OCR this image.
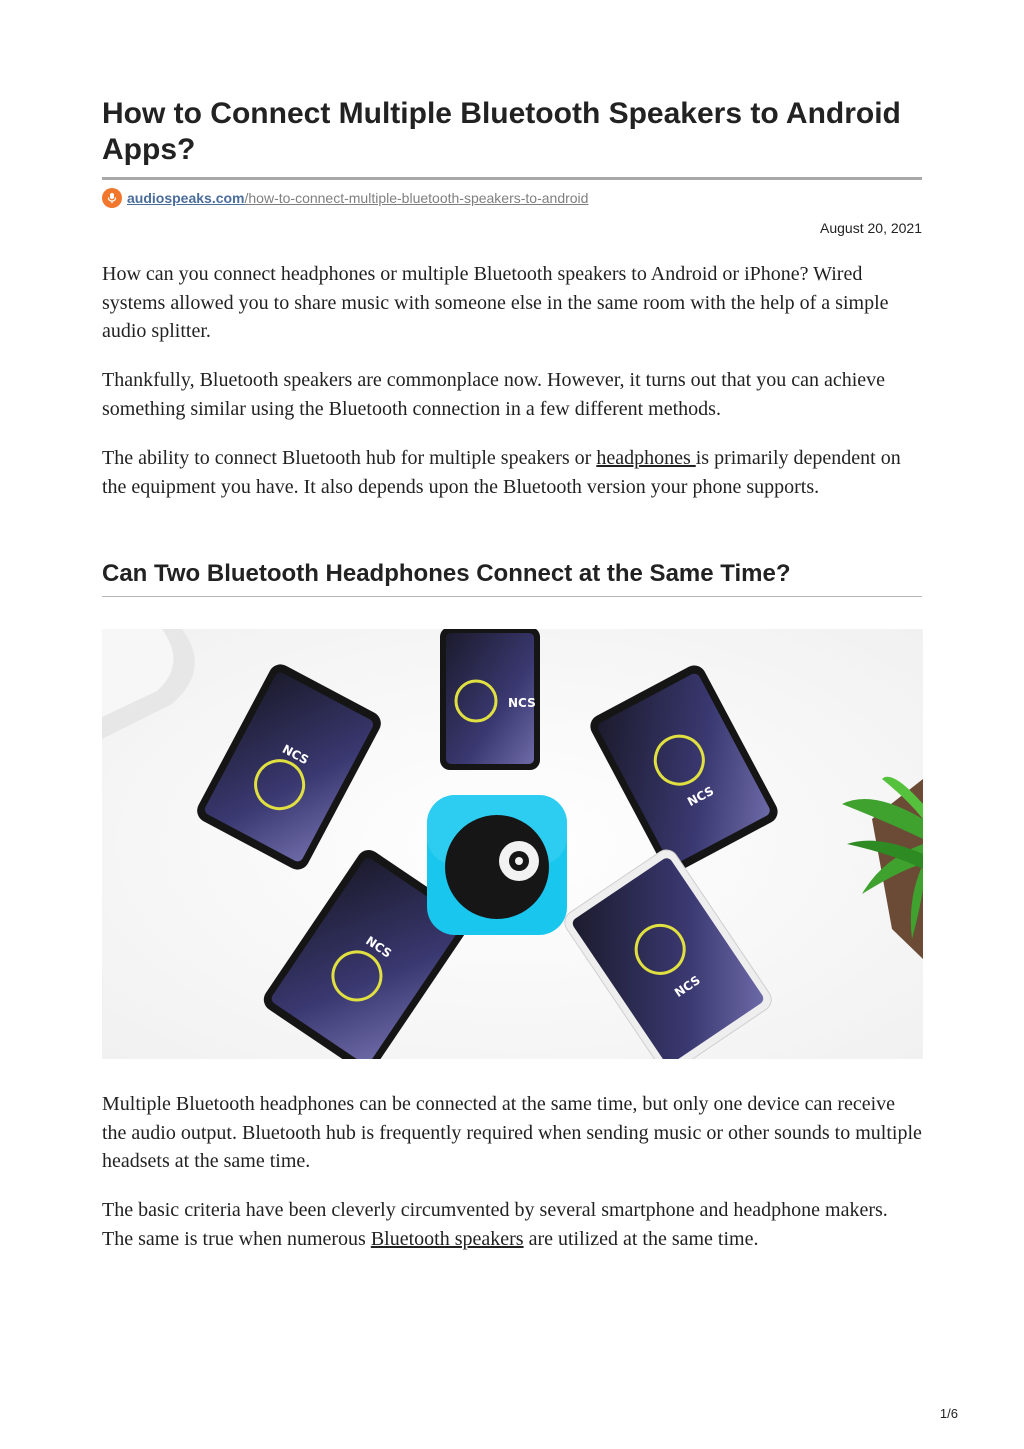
How to Connect Multiple Bluetooth Speakers to Android Apps?
audiospeaks.com /how-to-connect-multiple-bluetooth-speakers-to-android
August 20, 2021

How can you connect headphones or multiple Bluetooth speakers to Android or iPhone? Wired systems allowed you to share music with someone else in the same room with the help of a simple audio splitter.

Thankfully, Bluetooth speakers are commonplace now. However, it turns out that you can achieve something similar using the Bluetooth connection in a few different methods.

The ability to connect Bluetooth hub for multiple speakers or headphones is primarily dependent on the equipment you have. It also depends upon the Bluetooth version your phone supports.

Can Two Bluetooth Headphones Connect at the Same Time?
NCS
NCS
NCS
NCS
NCS

Multiple Bluetooth headphones can be connected at the same time, but only one device can receive the audio output. Bluetooth hub is frequently required when sending music or other sounds to multiple headsets at the same time.

The basic criteria have been cleverly circumvented by several smartphone and headphone makers. The same is true when numerous Bluetooth speakers are utilized at the same time.

1/6
